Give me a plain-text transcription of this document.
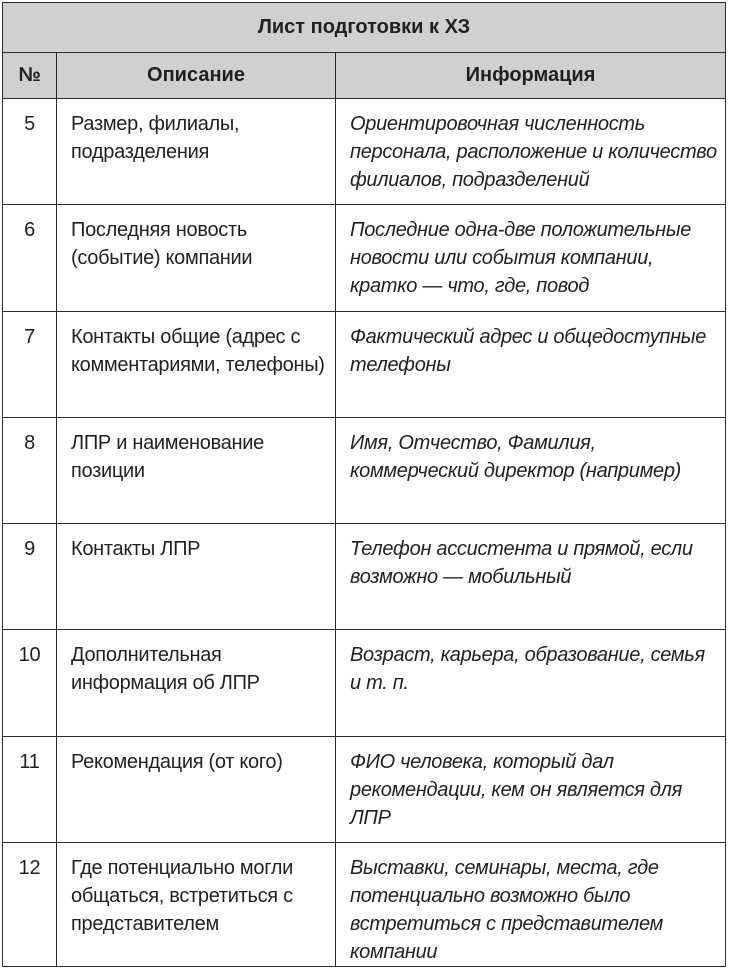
Лист подготовки к ХЗ		
№	Описание	Информация
5	Размер, филиалы, подразделения	Ориентировочная численность персонала, расположение и количество филиалов, подразделений
6	Последняя новость (событие) компании	Последние одна-две положительные новости или события компании, кратко — что, где, повод
7	Контакты общие (адрес с комментариями, телефоны)	Фактический адрес и общедоступные телефоны
8	ЛПР и наименование позиции	Имя, Отчество, Фамилия, коммерческий директор (например)
9	Контакты ЛПР	Телефон ассистента и прямой, если возможно — мобильный
10	Дополнительная информация об ЛПР	Возраст, карьера, образование, семья и т. п.
11	Рекомендация (от кого)	ФИО человека, который дал рекомендации, кем он является для ЛПР
12	Где потенциально могли общаться, встретиться с представителем	Выставки, семинары, места, где потенциально возможно было встретиться с представителем компании
